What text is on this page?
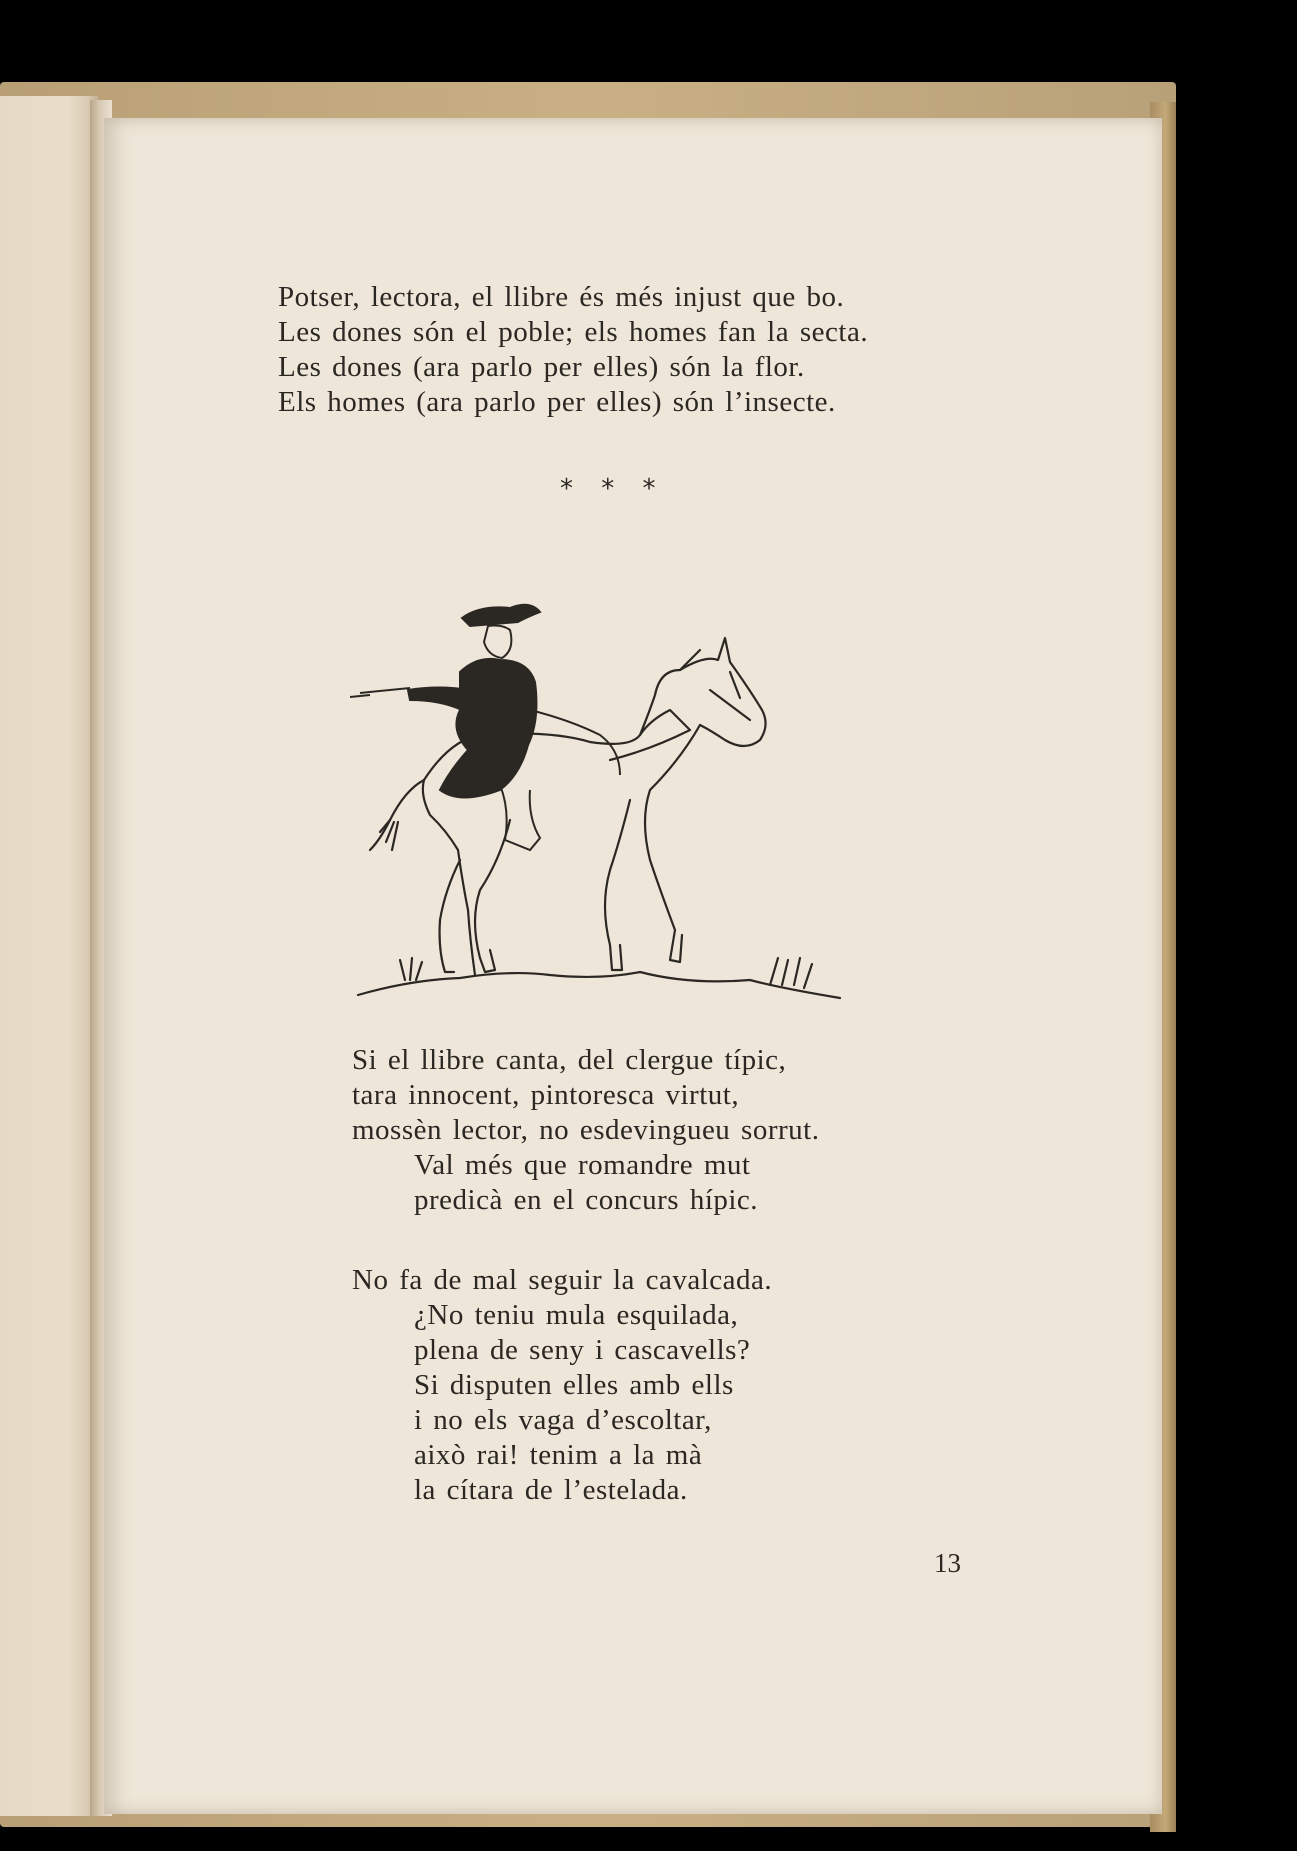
Potser, lectora, el llibre és més injust que bo.
Les dones són el poble; els homes fan la secta.
Les dones (ara parlo per elles) són la flor.
Els homes (ara parlo per elles) són l’insecte.
* * *
Si el llibre canta, del clergue típic,
tara innocent, pintoresca virtut,
mossèn lector, no esdevingueu sorrut.
Val més que romandre mut
predicà en el concurs hípic.
No fa de mal seguir la cavalcada.
¿No teniu mula esquilada,
plena de seny i cascavells?
Si disputen elles amb ells
i no els vaga d’escoltar,
això rai! tenim a la mà
la cítara de l’estelada.
13
